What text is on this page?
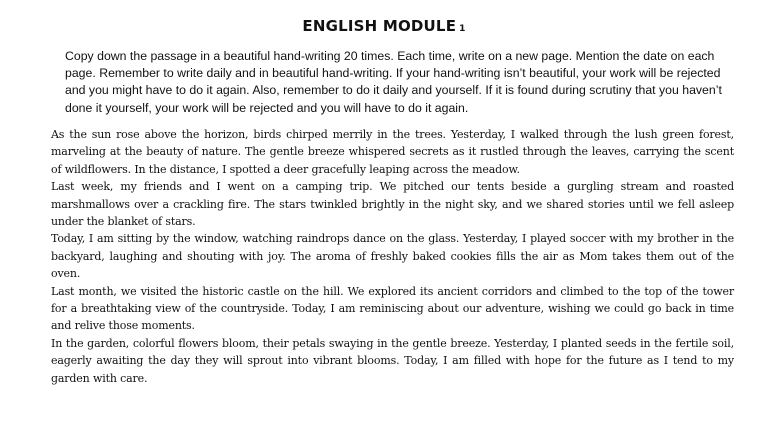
ENGLISH MODULE 1

Copy down the passage in a beautiful hand-writing 20 times. Each time, write on a new page. Mention the date on each page. Remember to write daily and in beautiful hand-writing. If your hand-writing isn’t beautiful, your work will be rejected and you might have to do it again. Also, remember to do it daily and yourself. If it is found during scrutiny that you haven’t done it yourself, your work will be rejected and you will have to do it again.

As the sun rose above the horizon, birds chirped merrily in the trees. Yesterday, I walked through the lush green forest, marveling at the beauty of nature. The gentle breeze whispered secrets as it rustled through the leaves, carrying the scent of wildflowers. In the distance, I spotted a deer gracefully leaping across the meadow.

Last week, my friends and I went on a camping trip. We pitched our tents beside a gurgling stream and roasted marshmallows over a crackling fire. The stars twinkled brightly in the night sky, and we shared stories until we fell asleep under the blanket of stars.

Today, I am sitting by the window, watching raindrops dance on the glass. Yesterday, I played soccer with my brother in the backyard, laughing and shouting with joy. The aroma of freshly baked cookies fills the air as Mom takes them out of the oven.

Last month, we visited the historic castle on the hill. We explored its ancient corridors and climbed to the top of the tower for a breathtaking view of the countryside. Today, I am reminiscing about our adventure, wishing we could go back in time and relive those moments.

In the garden, colorful flowers bloom, their petals swaying in the gentle breeze. Yesterday, I planted seeds in the fertile soil, eagerly awaiting the day they will sprout into vibrant blooms. Today, I am filled with hope for the future as I tend to my garden with care.
